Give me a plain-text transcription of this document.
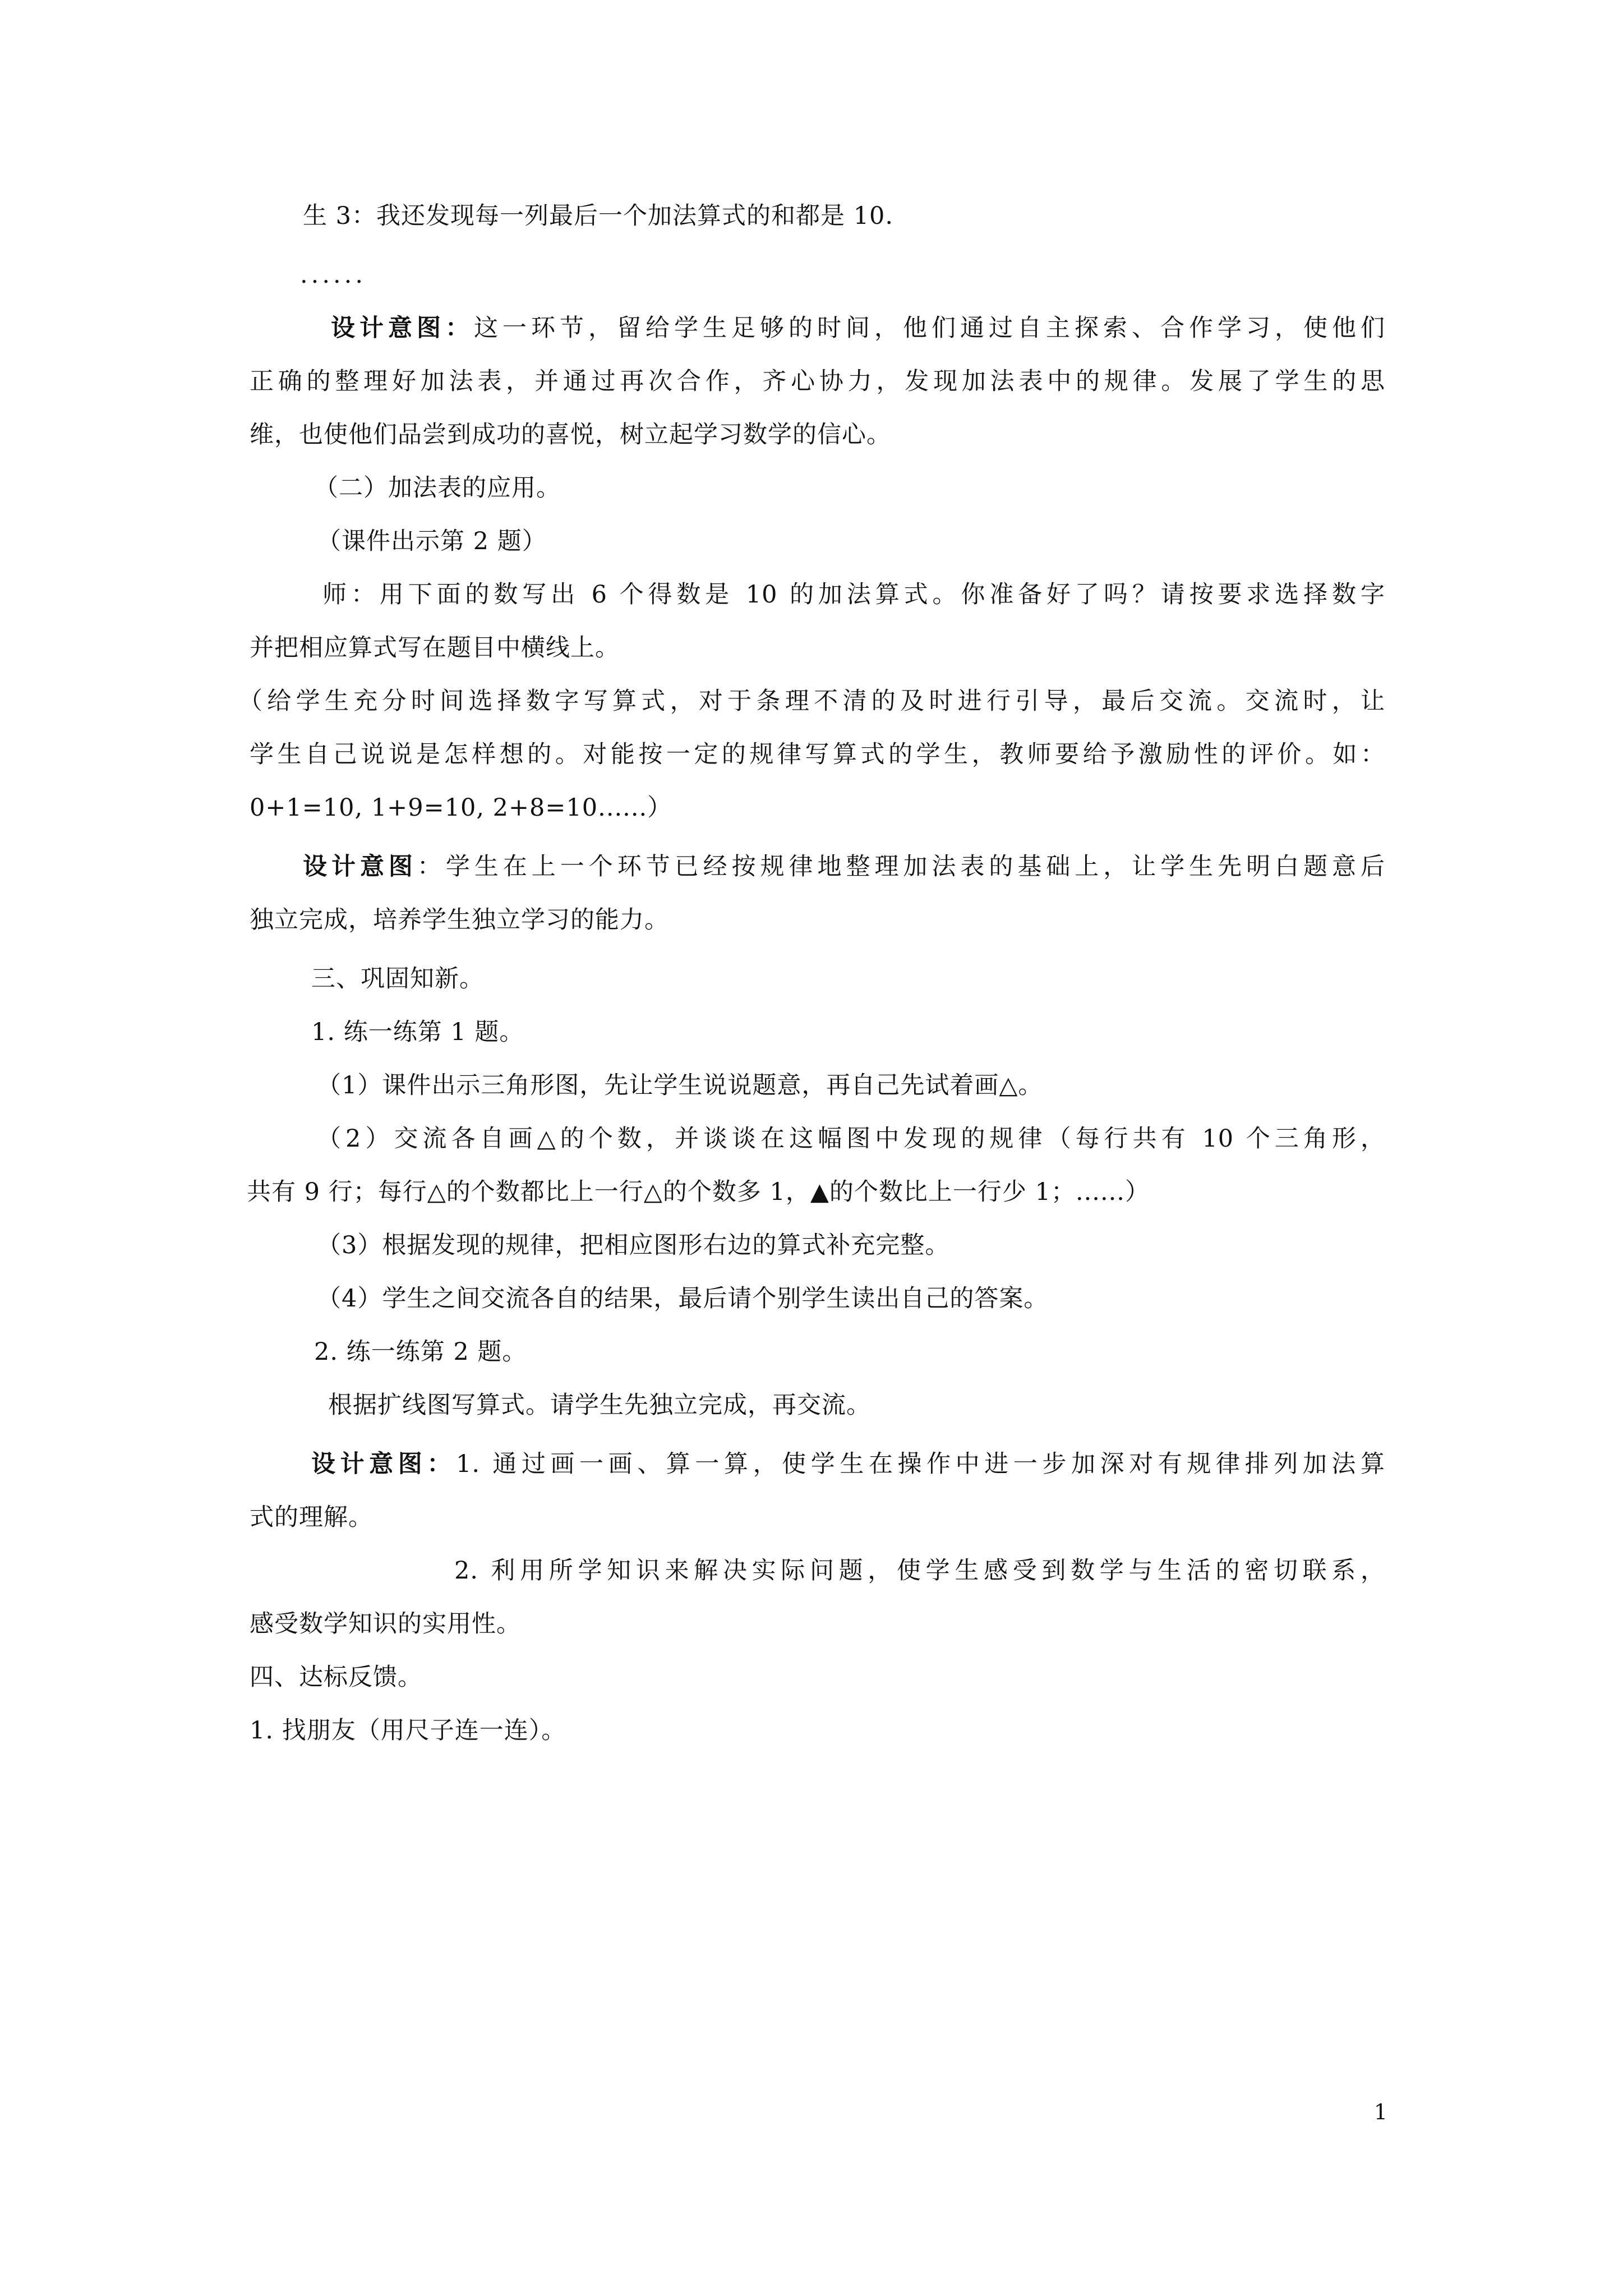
生 3：我还发现每一列最后一个加法算式的和都是 10.
......
设计意图：这一环节，留给学生足够的时间，他们通过自主探索、合作学习，使他们
正确的整理好加法表，并通过再次合作，齐心协力，发现加法表中的规律。发展了学生的思
维，也使他们品尝到成功的喜悦，树立起学习数学的信心。
（二）加法表的应用。
（课件出示第 2 题）
师：用下面的数写出 6 个得数是 10 的加法算式。你准备好了吗？请按要求选择数字
并把相应算式写在题目中横线上。
（给学生充分时间选择数字写算式，对于条理不清的及时进行引导，最后交流。交流时，让
学生自己说说是怎样想的。对能按一定的规律写算式的学生，教师要给予激励性的评价。如：
0+1=10, 1+9=10, 2+8=10......）
设计意图：学生在上一个环节已经按规律地整理加法表的基础上，让学生先明白题意后
独立完成，培养学生独立学习的能力。
三、巩固知新。
1. 练一练第 1 题。
（1）课件出示三角形图，先让学生说说题意，再自己先试着画△。
（2）交流各自画△的个数，并谈谈在这幅图中发现的规律（每行共有 10 个三角形，
共有 9 行；每行△的个数都比上一行△的个数多 1，▲的个数比上一行少 1；......）
（3）根据发现的规律，把相应图形右边的算式补充完整。
（4）学生之间交流各自的结果，最后请个别学生读出自己的答案。
2. 练一练第 2 题。
根据扩线图写算式。请学生先独立完成，再交流。
设计意图：1. 通过画一画、算一算，使学生在操作中进一步加深对有规律排列加法算
式的理解。
2. 利用所学知识来解决实际问题，使学生感受到数学与生活的密切联系，
感受数学知识的实用性。
四、达标反馈。
1. 找朋友（用尺子连一连）。
1
